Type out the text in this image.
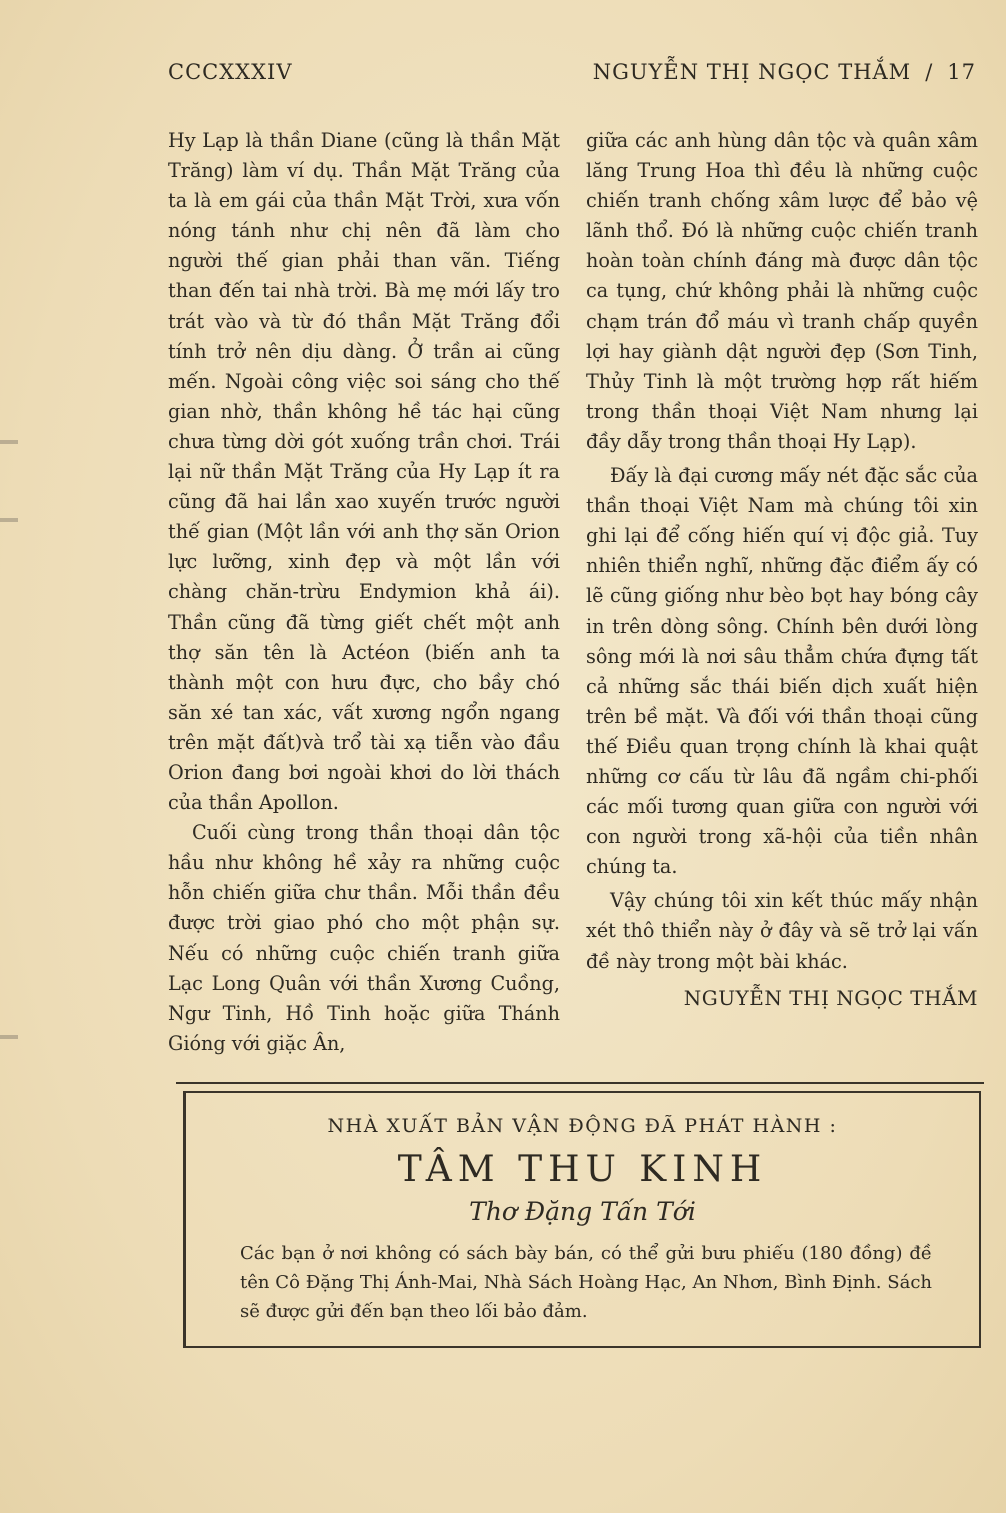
CCCXXXIV	NGUYỄN THỊ NGỌC THẮM / 17

Hy Lạp là thần Diane (cũng là thần Mặt Trăng) làm ví dụ. Thần Mặt Trăng của ta là em gái của thần Mặt Trời, xưa vốn nóng tánh như chị nên đã làm cho người thế gian phải than vãn. Tiếng than đến tai nhà trời. Bà mẹ mới lấy tro trát vào và từ đó thần Mặt Trăng đổi tính trở nên dịu dàng. Ở trần ai cũng mến. Ngoài công việc soi sáng cho thế gian nhờ, thần không hề tác hại cũng chưa từng dời gót xuống trần chơi. Trái lại nữ thần Mặt Trăng của Hy Lạp ít ra cũng đã hai lần xao xuyến trước người thế gian (Một lần với anh thợ săn Orion lực lưỡng, xinh đẹp và một lần với chàng chăn-trừu Endymion khả ái). Thần cũng đã từng giết chết một anh thợ săn tên là Actéon (biến anh ta thành một con hưu đực, cho bầy chó săn xé tan xác, vất xương ngổn ngang trên mặt đất)và trổ tài xạ tiễn vào đầu Orion đang bơi ngoài khơi do lời thách của thần Apollon.

Cuối cùng trong thần thoại dân tộc hầu như không hề xảy ra những cuộc hỗn chiến giữa chư thần. Mỗi thần đều được trời giao phó cho một phận sự. Nếu có những cuộc chiến tranh giữa Lạc Long Quân với thần Xương Cuồng, Ngư Tinh, Hồ Tinh hoặc giữa Thánh Gióng với giặc Ân,

giữa các anh hùng dân tộc và quân xâm lăng Trung Hoa thì đều là những cuộc chiến tranh chống xâm lược để bảo vệ lãnh thổ. Đó là những cuộc chiến tranh hoàn toàn chính đáng mà được dân tộc ca tụng, chứ không phải là những cuộc chạm trán đổ máu vì tranh chấp quyền lợi hay giành dật người đẹp (Sơn Tinh, Thủy Tinh là một trường hợp rất hiếm trong thần thoại Việt Nam nhưng lại đầy dẫy trong thần thoại Hy Lạp).

Đấy là đại cương mấy nét đặc sắc của thần thoại Việt Nam mà chúng tôi xin ghi lại để cống hiến quí vị độc giả. Tuy nhiên thiển nghĩ, những đặc điểm ấy có lẽ cũng giống như bèo bọt hay bóng cây in trên dòng sông. Chính bên dưới lòng sông mới là nơi sâu thẳm chứa đựng tất cả những sắc thái biến dịch xuất hiện trên bề mặt. Và đối với thần thoại cũng thế Điều quan trọng chính là khai quật những cơ cấu từ lâu đã ngầm chi-phối các mối tương quan giữa con người với con người trong xã-hội của tiền nhân chúng ta.

Vậy chúng tôi xin kết thúc mấy nhận xét thô thiển này ở đây và sẽ trở lại vấn đề này trong một bài khác.

NGUYỄN THỊ NGỌC THẮM

NHÀ XUẤT BẢN VẬN ĐỘNG ĐÃ PHÁT HÀNH :
TÂM THU KINH
Thơ Đặng Tấn Tới
Các bạn ở nơi không có sách bày bán, có thể gửi bưu phiếu (180 đồng) đề tên Cô Đặng Thị Ánh-Mai, Nhà Sách Hoàng Hạc, An Nhơn, Bình Định. Sách sẽ được gửi đến bạn theo lối bảo đảm.
